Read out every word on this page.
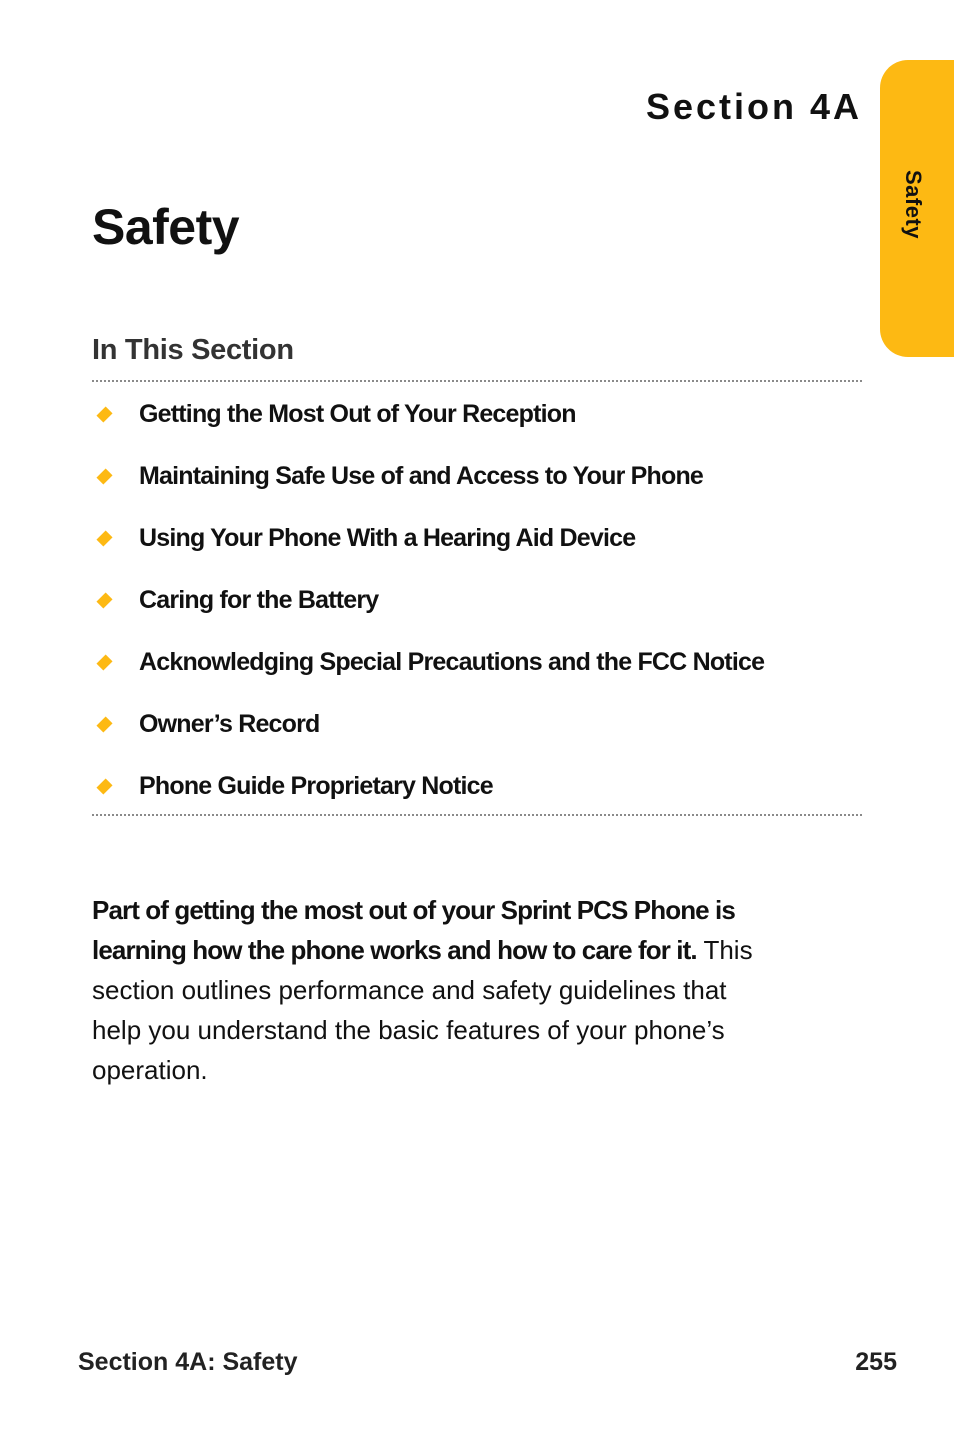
Section 4A
Safety
Safety
In This Section
Getting the Most Out of Your Reception
Maintaining Safe Use of and Access to Your Phone
Using Your Phone With a Hearing Aid Device
Caring for the Battery
Acknowledging Special Precautions and the FCC Notice
Owner’s Record
Phone Guide Proprietary Notice

Part of getting the most out of your Sprint PCS Phone is learning how the phone works and how to care for it. This section outlines performance and safety guidelines that help you understand the basic features of your phone’s operation.

Section 4A: Safety	255
